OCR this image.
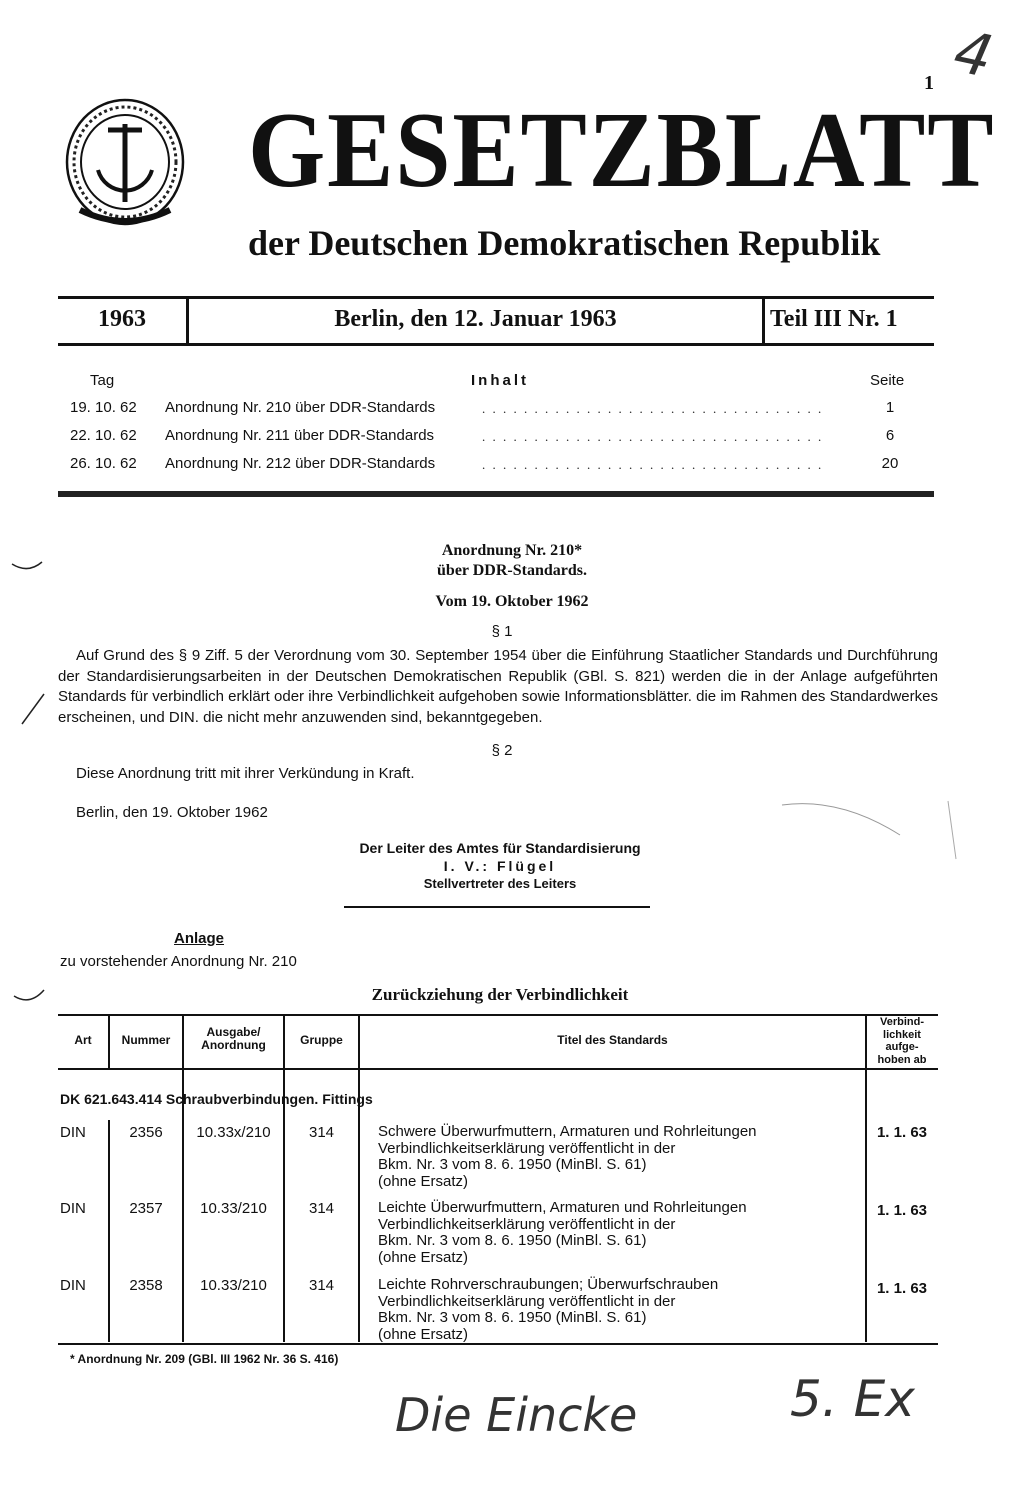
1 4
GESETZBLATT
der Deutschen Demokratischen Republik
1963	Berlin, den 12. Januar 1963	Teil III Nr. 1
Tag	Inhalt	Seite
19. 10. 62 Anordnung Nr. 210 über DDR-Standards . . .	1
22. 10. 62 Anordnung Nr. 211 über DDR-Standards . . .	6
26. 10. 62 Anordnung Nr. 212 über DDR-Standards . . .	20
Anordnung Nr. 210*
über DDR-Standards.
Vom 19. Oktober 1962
§ 1
Auf Grund des § 9 Ziff. 5 der Verordnung vom 30. September 1954 über die Einführung Staatlicher Standards und Durchführung der Standardisierungsarbeiten in der Deutschen Demokratischen Republik (GBl. S. 821) werden die in der Anlage aufgeführten Standards für verbindlich erklärt oder ihre Verbindlichkeit aufgehoben sowie Informationsblätter. die im Rahmen des Standardwerkes erscheinen, und DIN. die nicht mehr anzuwenden sind, bekanntgegeben.
§ 2
Diese Anordnung tritt mit ihrer Verkündung in Kraft.
Berlin, den 19. Oktober 1962
Der Leiter des Amtes für Standardisierung
I. V.: Flügel
Stellvertreter des Leiters
Anlage
zu vorstehender Anordnung Nr. 210
Zurückziehung der Verbindlichkeit
Art	Nummer
Ausgabe/
Anordnung	Gruppe	Titel des Standards
Verbind-
lichkeit
aufge-
hoben ab
DK 621.643.414 Schraubverbindungen. Fittings
DIN	2356	10.33x/210	314	Schwere Überwurfmuttern, Armaturen und Rohrleitungen
Verbindlichkeitserklärung veröffentlicht in der
Bkm. Nr. 3 vom 8. 6. 1950 (MinBl. S. 61)
(ohne Ersatz)
1. 1. 63
DIN	2357	10.33/210	314	Leichte Überwurfmuttern, Armaturen und Rohrleitungen
Verbindlichkeitserklärung veröffentlicht in der
Bkm. Nr. 3 vom 8. 6. 1950 (MinBl. S. 61)
(ohne Ersatz)
1. 1. 63
DIN	2358	10.33/210	314	Leichte Rohrverschraubungen; Überwurfschrauben
Verbindlichkeitserklärung veröffentlicht in der
Bkm. Nr. 3 vom 8. 6. 1950 (MinBl. S. 61)
(ohne Ersatz)
1. 1. 63
* Anordnung Nr. 209 (GBl. III 1962 Nr. 36 S. 416)
Die Eincke	5. Ex
